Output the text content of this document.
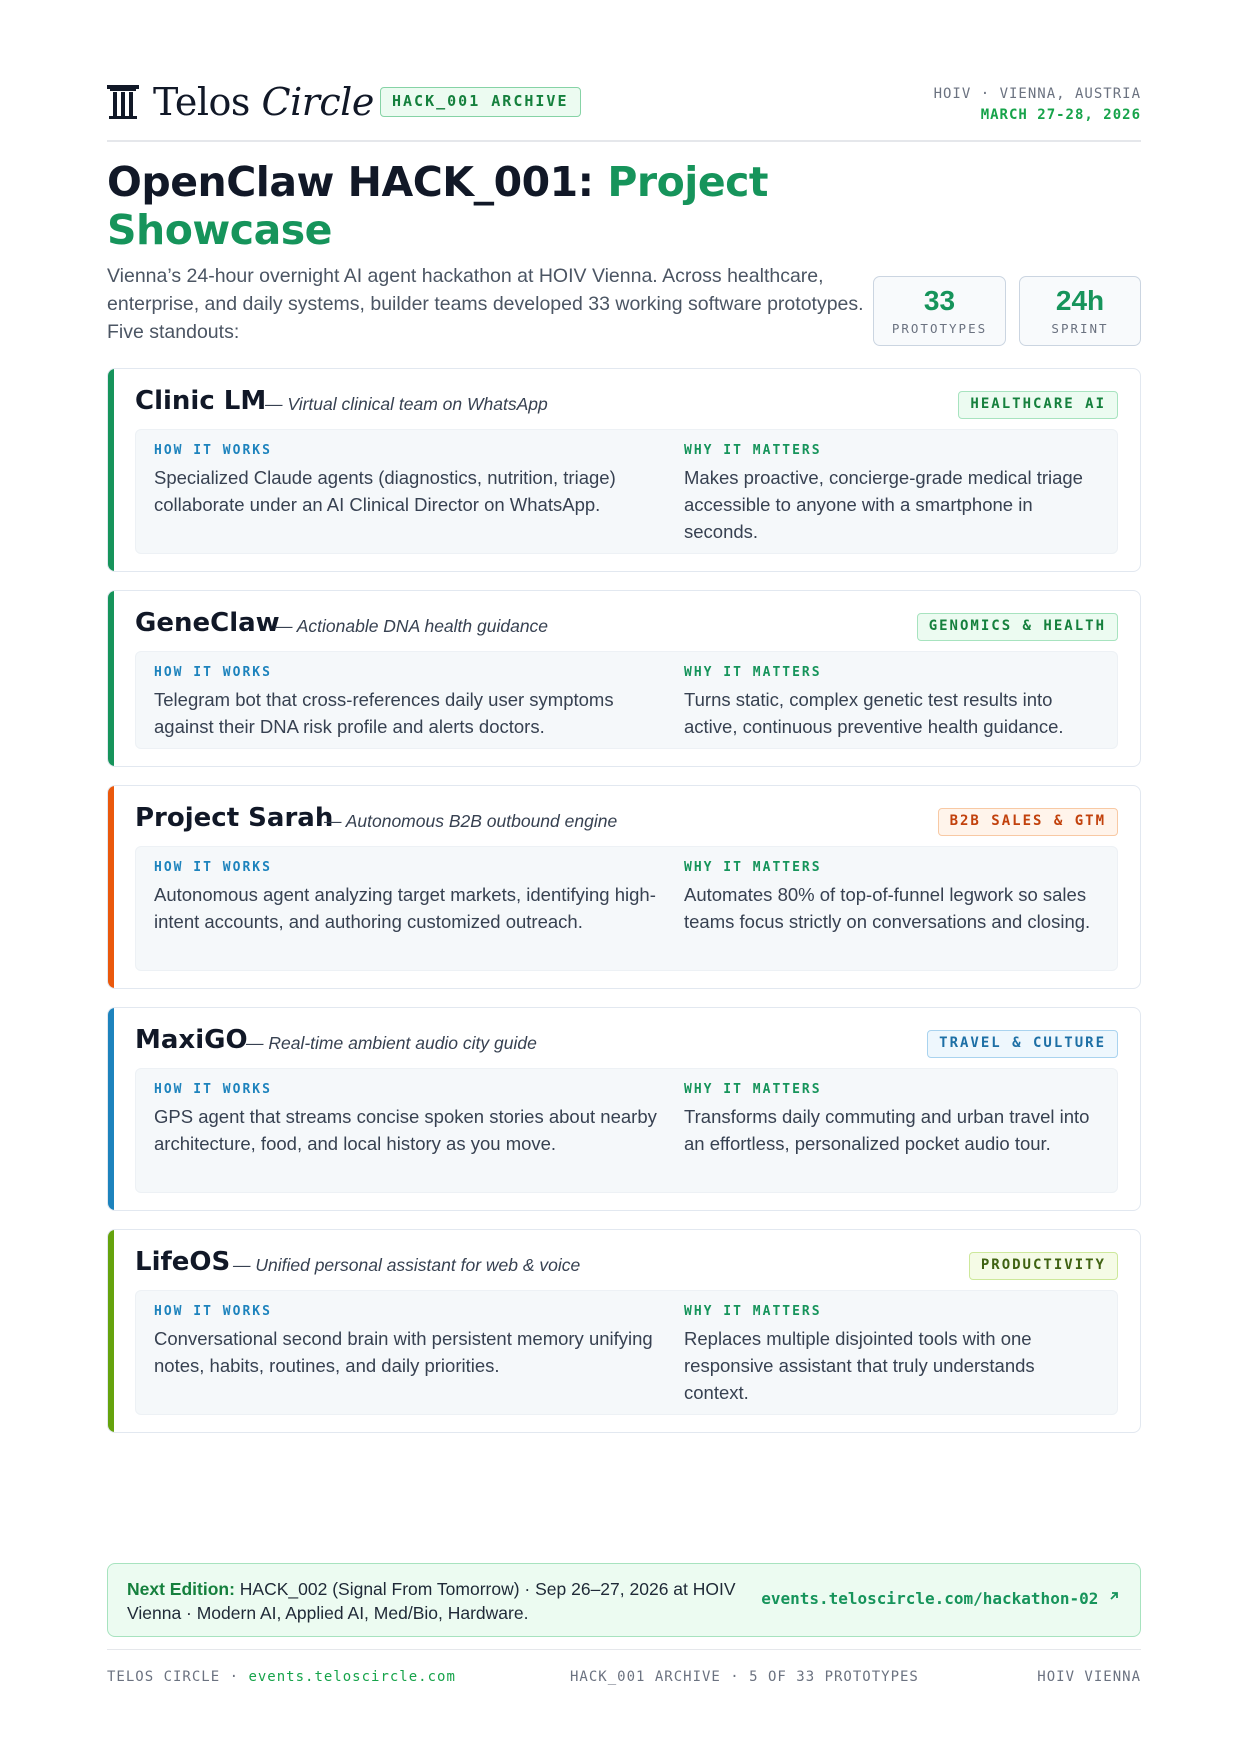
Telos Circle	HACK_001 ARCHIVE	HOIV · VIENNA, AUSTRIA
MARCH 27-28, 2026
OpenClaw HACK_001: Project Showcase

Vienna’s 24-hour overnight AI agent hackathon at HOIV Vienna. Across healthcare, enterprise, and daily systems, builder teams developed 33 working software prototypes. Five standouts:

33
PROTOTYPES
24h
SPRINT
Clinic LM
— Virtual clinical team on WhatsApp	HEALTHCARE AI
HOW IT WORKS
Specialized Claude agents (diagnostics, nutrition, triage) collaborate under an AI Clinical Director on WhatsApp.
WHY IT MATTERS
Makes proactive, concierge-grade medical triage accessible to anyone with a smartphone in seconds.
GeneClaw
— Actionable DNA health guidance	GENOMICS & HEALTH
HOW IT WORKS
Telegram bot that cross-references daily user symptoms against their DNA risk profile and alerts doctors.
WHY IT MATTERS
Turns static, complex genetic test results into active, continuous preventive health guidance.
Project Sarah
— Autonomous B2B outbound engine	B2B SALES & GTM
HOW IT WORKS
Autonomous agent analyzing target markets, identifying high-intent accounts, and authoring customized outreach.
WHY IT MATTERS
Automates 80% of top-of-funnel legwork so sales teams focus strictly on conversations and closing.
MaxiGO
— Real-time ambient audio city guide	TRAVEL & CULTURE
HOW IT WORKS
GPS agent that streams concise spoken stories about nearby architecture, food, and local history as you move.
WHY IT MATTERS
Transforms daily commuting and urban travel into an effortless, personalized pocket audio tour.
LifeOS — Unified personal assistant for web & voice	PRODUCTIVITY
HOW IT WORKS
Conversational second brain with persistent memory unifying notes, habits, routines, and daily priorities.
WHY IT MATTERS
Replaces multiple disjointed tools with one responsive assistant that truly understands context.
Next Edition: HACK_002 (Signal From Tomorrow) · Sep 26–27, 2026 at HOIV Vienna · Modern AI, Applied AI, Med/Bio, Hardware.
events.teloscircle.com/hackathon-02
TELOS CIRCLE · events.teloscircle.com	HACK_001 ARCHIVE · 5 OF 33 PROTOTYPES	HOIV VIENNA
